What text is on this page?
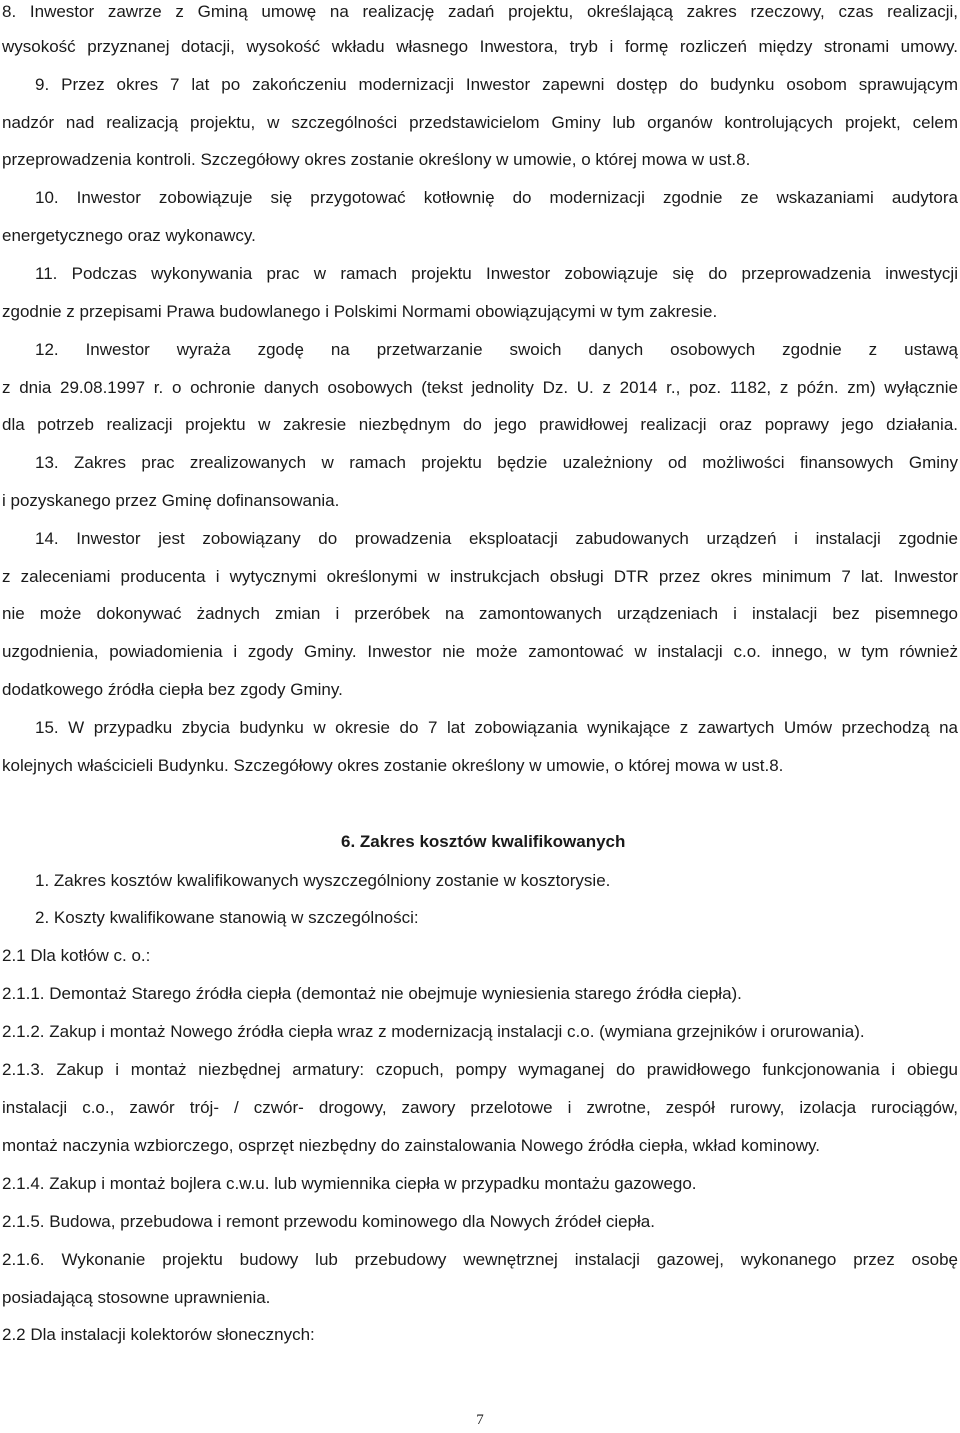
8. Inwestor zawrze z Gminą umowę na realizację zadań projektu, określającą zakres rzeczowy, czas realizacji,
wysokość przyznanej dotacji, wysokość wkładu własnego Inwestora, tryb i formę rozliczeń między stronami umowy.
9. Przez okres 7 lat po zakończeniu modernizacji Inwestor zapewni dostęp do budynku osobom sprawującym
nadzór nad realizacją projektu, w szczególności przedstawicielom Gminy lub organów kontrolujących projekt, celem
przeprowadzenia kontroli. Szczegółowy okres zostanie określony w umowie, o której mowa w ust.8.
10. Inwestor zobowiązuje się przygotować kotłownię do modernizacji zgodnie ze wskazaniami audytora
energetycznego oraz wykonawcy.
11. Podczas wykonywania prac w ramach projektu Inwestor zobowiązuje się do przeprowadzenia inwestycji
zgodnie z przepisami Prawa budowlanego i Polskimi Normami obowiązującymi w tym zakresie.
12. Inwestor wyraża zgodę na przetwarzanie swoich danych osobowych zgodnie z ustawą
z dnia 29.08.1997 r. o ochronie danych osobowych (tekst jednolity Dz. U. z 2014 r., poz. 1182, z późn. zm) wyłącznie
dla potrzeb realizacji projektu w zakresie niezbędnym do jego prawidłowej realizacji oraz poprawy jego działania.
13. Zakres prac zrealizowanych w ramach projektu będzie uzależniony od możliwości finansowych Gminy
i pozyskanego przez Gminę dofinansowania.
14. Inwestor jest zobowiązany do prowadzenia eksploatacji zabudowanych urządzeń i instalacji zgodnie
z zaleceniami producenta i wytycznymi określonymi w instrukcjach obsługi DTR przez okres minimum 7 lat. Inwestor
nie może dokonywać żadnych zmian i przeróbek na zamontowanych urządzeniach i instalacji bez pisemnego
uzgodnienia, powiadomienia i zgody Gminy. Inwestor nie może zamontować w instalacji c.o. innego, w tym również
dodatkowego źródła ciepła bez zgody Gminy.
15. W przypadku zbycia budynku w okresie do 7 lat zobowiązania wynikające z zawartych Umów przechodzą na
kolejnych właścicieli Budynku. Szczegółowy okres zostanie określony w umowie, o której mowa w ust.8.
6. Zakres kosztów kwalifikowanych
1. Zakres kosztów kwalifikowanych wyszczególniony zostanie w kosztorysie.
2. Koszty kwalifikowane stanowią w szczególności:
2.1 Dla kotłów c. o.:
2.1.1. Demontaż Starego źródła ciepła (demontaż nie obejmuje wyniesienia starego źródła ciepła).
2.1.2. Zakup i montaż Nowego źródła ciepła wraz z modernizacją instalacji c.o. (wymiana grzejników i orurowania).
2.1.3. Zakup i montaż niezbędnej armatury: czopuch, pompy wymaganej do prawidłowego funkcjonowania i obiegu
instalacji c.o., zawór trój- / czwór- drogowy, zawory przelotowe i zwrotne, zespół rurowy, izolacja rurociągów,
montaż naczynia wzbiorczego, osprzęt niezbędny do zainstalowania Nowego źródła ciepła, wkład kominowy.
2.1.4. Zakup i montaż bojlera c.w.u. lub wymiennika ciepła w przypadku montażu gazowego.
2.1.5. Budowa, przebudowa i remont przewodu kominowego dla Nowych źródeł ciepła.
2.1.6. Wykonanie projektu budowy lub przebudowy wewnętrznej instalacji gazowej, wykonanego przez osobę
posiadającą stosowne uprawnienia.
2.2 Dla instalacji kolektorów słonecznych:
7
